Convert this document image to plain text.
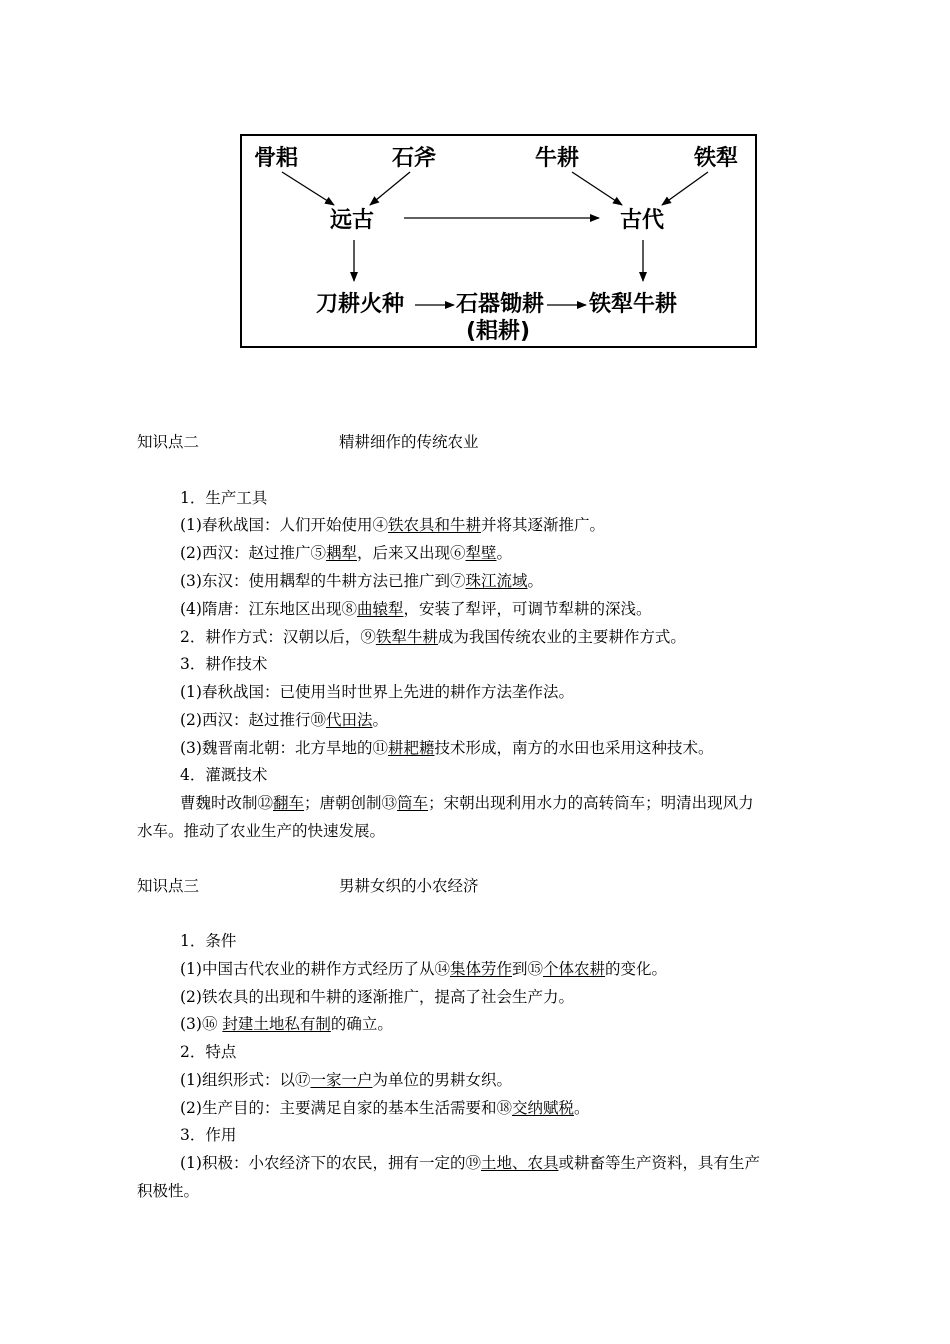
骨耜	石斧	牛耕	铁犁
远古	古代
刀耕火种 石器锄耕 铁犁牛耕
(耜耕)
知识点二	精耕细作的传统农业
1．生产工具
(1)春秋战国：人们开始使用④铁农具和牛耕并将其逐渐推广。
(2)西汉：赵过推广⑤耦犁，后来又出现⑥犁壁。
(3)东汉：使用耦犁的牛耕方法已推广到⑦珠江流域。
(4)隋唐：江东地区出现⑧曲辕犁，安装了犁评，可调节犁耕的深浅。
2．耕作方式：汉朝以后，⑨铁犁牛耕成为我国传统农业的主要耕作方式。
3．耕作技术
(1)春秋战国：已使用当时世界上先进的耕作方法垄作法。
(2)西汉：赵过推行⑩代田法。
(3)魏晋南北朝：北方旱地的⑪耕耙耱技术形成，南方的水田也采用这种技术。
4．灌溉技术
曹魏时改制⑫翻车；唐朝创制⑬筒车；宋朝出现利用水力的高转筒车；明清出现风力
水车。推动了农业生产的快速发展。
知识点三	男耕女织的小农经济
1．条件
(1)中国古代农业的耕作方式经历了从⑭集体劳作到⑮个体农耕的变化。
(2)铁农具的出现和牛耕的逐渐推广，提高了社会生产力。
(3)⑯ 封建土地私有制的确立。
2．特点
(1)组织形式：以⑰一家一户为单位的男耕女织。
(2)生产目的：主要满足自家的基本生活需要和⑱交纳赋税。
3．作用
(1)积极：小农经济下的农民，拥有一定的⑲土地、农具或耕畜等生产资料，具有生产
积极性。
